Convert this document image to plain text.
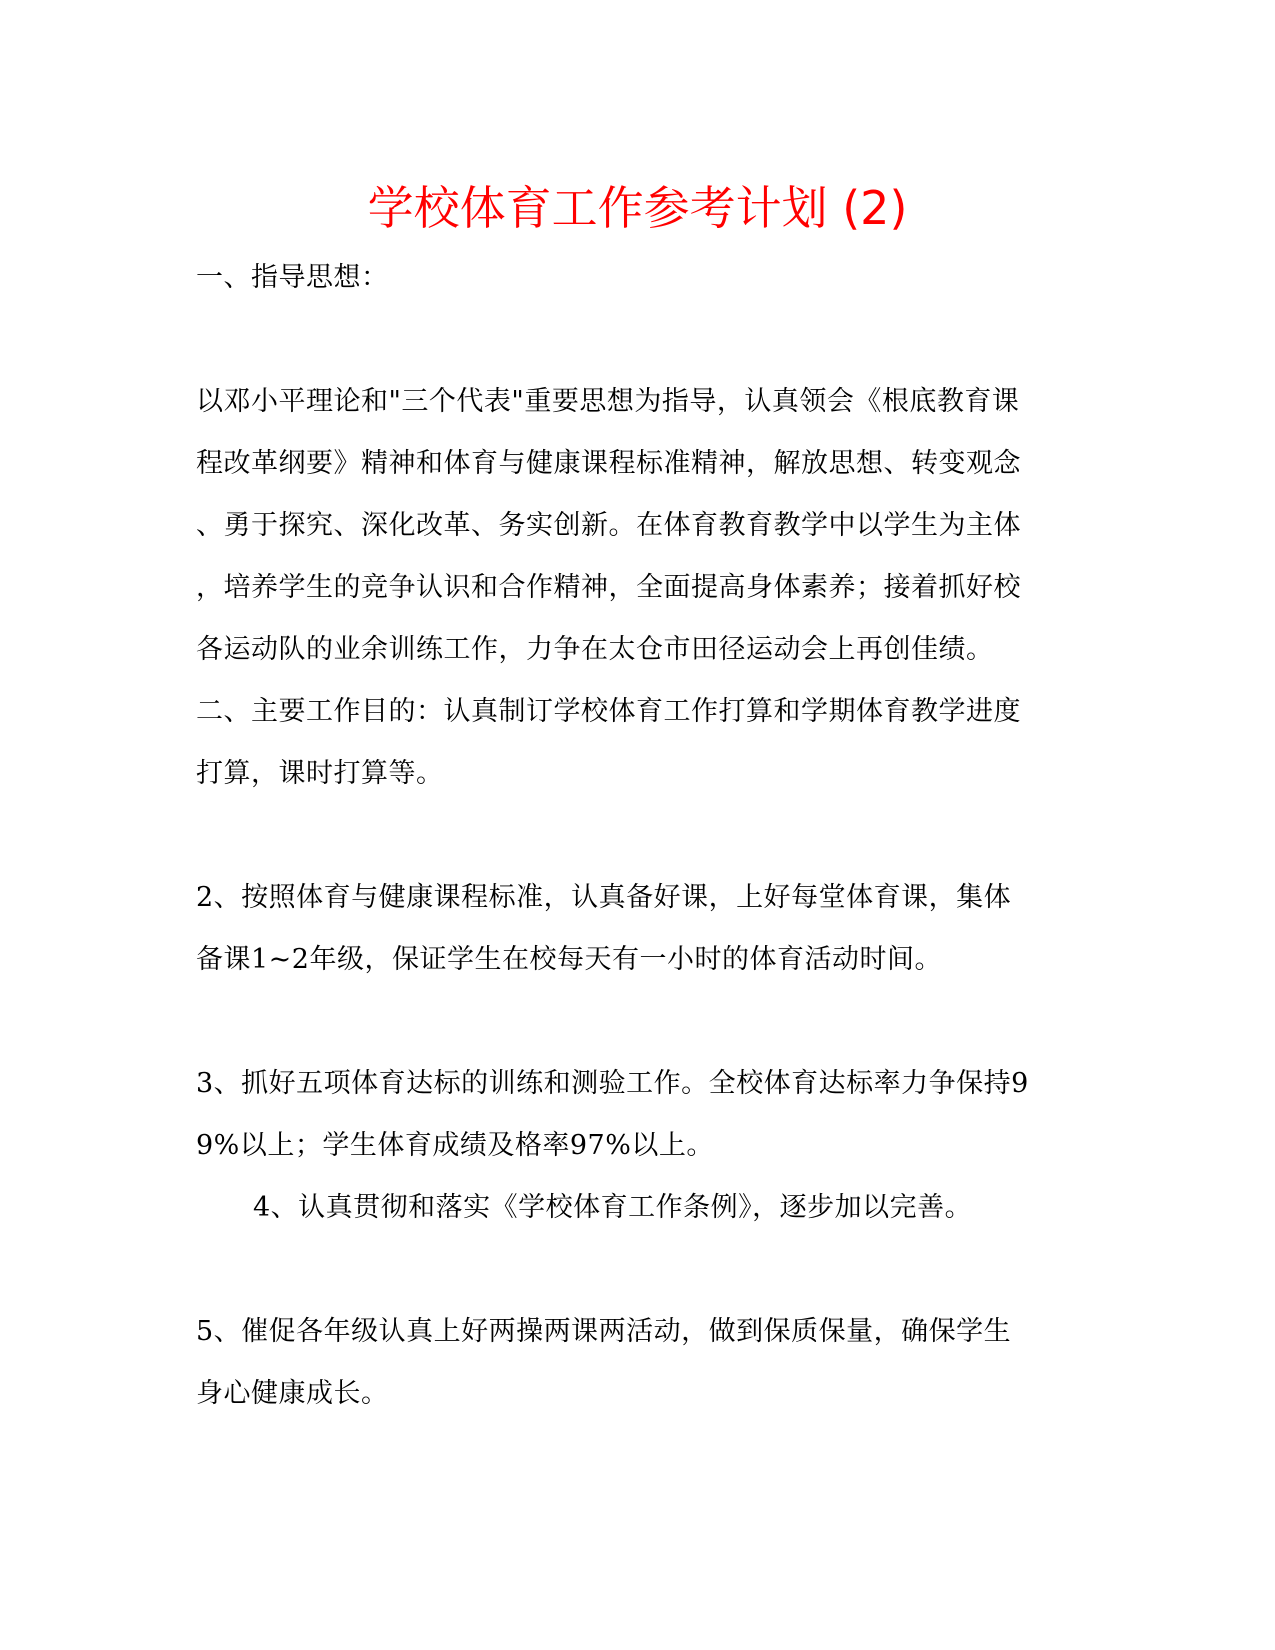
学校体育工作参考计划 (2)
一、指导思想：
以邓小平理论和"三个代表"重要思想为指导，认真领会《根底教育课
程改革纲要》精神和体育与健康课程标准精神，解放思想、转变观念
、勇于探究、深化改革、务实创新。在体育教育教学中以学生为主体
，培养学生的竞争认识和合作精神，全面提高身体素养；接着抓好校
各运动队的业余训练工作，力争在太仓市田径运动会上再创佳绩。
二、主要工作目的：认真制订学校体育工作打算和学期体育教学进度
打算，课时打算等。
2、按照体育与健康课程标准，认真备好课，上好每堂体育课，集体
备课1~2年级，保证学生在校每天有一小时的体育活动时间。
3、抓好五项体育达标的训练和测验工作。全校体育达标率力争保持9
9%以上；学生体育成绩及格率97%以上。
4、认真贯彻和落实《学校体育工作条例》，逐步加以完善。
5、催促各年级认真上好两操两课两活动，做到保质保量，确保学生
身心健康成长。
